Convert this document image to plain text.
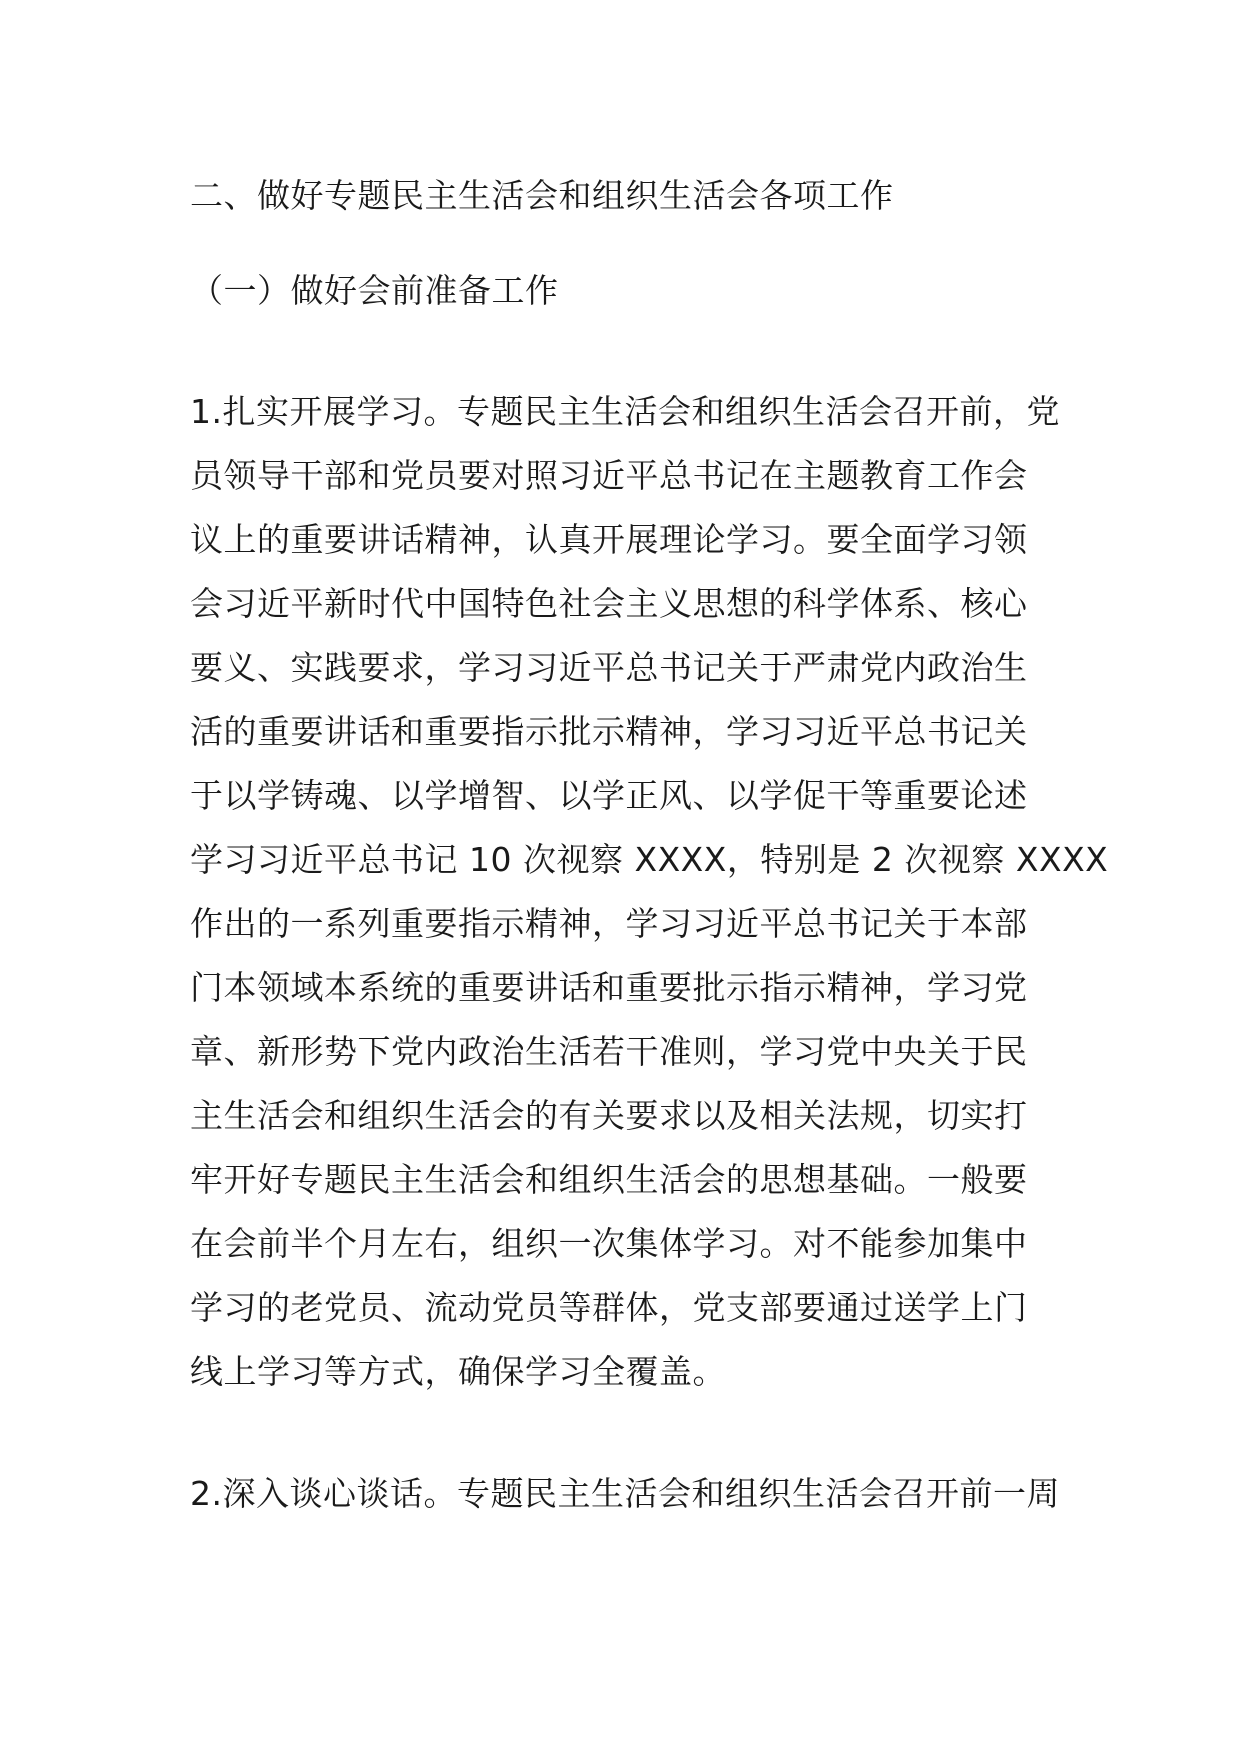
二、做好专题民主生活会和组织生活会各项工作
（一）做好会前准备工作
1.扎实开展学习。专题民主生活会和组织生活会召开前，党
员领导干部和党员要对照习近平总书记在主题教育工作会
议上的重要讲话精神，认真开展理论学习。要全面学习领
会习近平新时代中国特色社会主义思想的科学体系、核心
要义、实践要求，学习习近平总书记关于严肃党内政治生
活的重要讲话和重要指示批示精神，学习习近平总书记关
于以学铸魂、以学增智、以学正风、以学促干等重要论述
学习习近平总书记 10 次视察 XXXX，特别是 2 次视察 XXXX
作出的一系列重要指示精神，学习习近平总书记关于本部
门本领域本系统的重要讲话和重要批示指示精神，学习党
章、新形势下党内政治生活若干准则，学习党中央关于民
主生活会和组织生活会的有关要求以及相关法规，切实打
牢开好专题民主生活会和组织生活会的思想基础。一般要
在会前半个月左右，组织一次集体学习。对不能参加集中
学习的老党员、流动党员等群体，党支部要通过送学上门
线上学习等方式，确保学习全覆盖。
2.深入谈心谈话。专题民主生活会和组织生活会召开前一周
